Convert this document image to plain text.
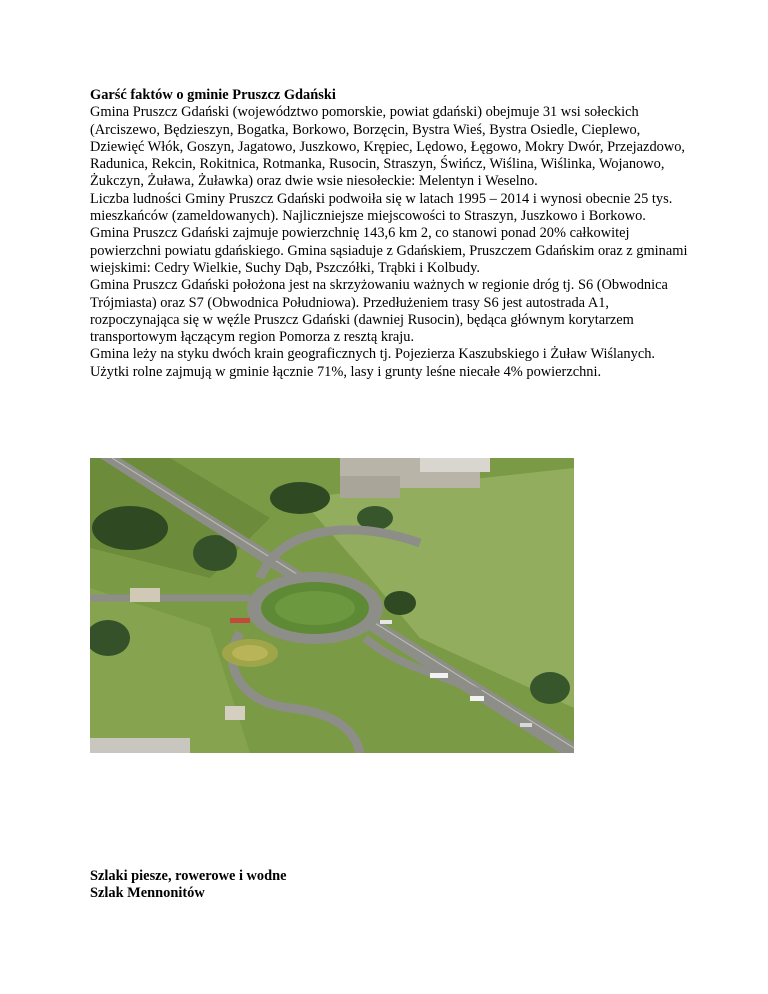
Garść faktów o gminie Pruszcz Gdański

Gmina Pruszcz Gdański (województwo pomorskie, powiat gdański) obejmuje 31 wsi sołeckich (Arciszewo, Będzieszyn, Bogatka, Borkowo, Borzęcin, Bystra Wieś, Bystra Osiedle, Cieplewo, Dziewięć Włók, Goszyn, Jagatowo, Juszkowo, Krępiec, Lędowo, Łęgowo, Mokry Dwór, Przejazdowo, Radunica, Rekcin, Rokitnica, Rotmanka, Rusocin, Straszyn, Świńcz, Wiślina, Wiślinka, Wojanowo, Żukczyn, Żuława, Żuławka) oraz dwie wsie niesołeckie: Melentyn i Weselno.

Liczba ludności Gminy Pruszcz Gdański podwoiła się w latach 1995 – 2014 i wynosi obecnie 25 tys. mieszkańców (zameldowanych). Najliczniejsze miejscowości to Straszyn, Juszkowo i Borkowo.

Gmina Pruszcz Gdański zajmuje powierzchnię 143,6 km 2, co stanowi ponad 20% całkowitej powierzchni powiatu gdańskiego. Gmina sąsiaduje z Gdańskiem, Pruszczem Gdańskim oraz z gminami wiejskimi: Cedry Wielkie, Suchy Dąb, Pszczółki, Trąbki i Kolbudy.

Gmina Pruszcz Gdański położona jest na skrzyżowaniu ważnych w regionie dróg tj. S6 (Obwodnica Trójmiasta) oraz S7 (Obwodnica Południowa). Przedłużeniem trasy S6 jest autostrada A1, rozpoczynająca się w węźle Pruszcz Gdański (dawniej Rusocin), będąca głównym korytarzem transportowym łączącym region Pomorza z resztą kraju.

Gmina leży na styku dwóch krain geograficznych tj. Pojezierza Kaszubskiego i Żuław Wiślanych. Użytki rolne zajmują w gminie łącznie 71%, lasy i grunty leśne niecałe 4% powierzchni.

Szlaki piesze, rowerowe i wodne

Szlak Mennonitów
